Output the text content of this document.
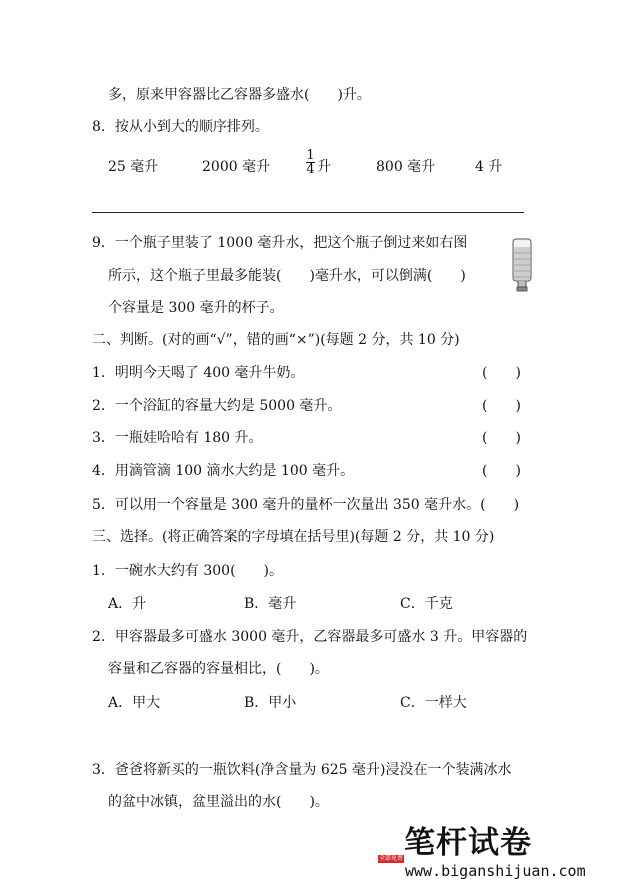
多，原来甲容器比乙容器多盛水(　　)升。
8．按从小到大的顺序排列。
25 毫升	2000 毫升
1
4 升	800 毫升	4 升
9．一个瓶子里装了 1000 毫升水，把这个瓶子倒过来如右图
所示，这个瓶子里最多能装(　　)毫升水，可以倒满(　　)
个容量是 300 毫升的杯子。
二、判断。(对的画“√”，错的画“×”)(每题 2 分，共 10 分)
1．明明今天喝了 400 毫升牛奶。	(　　)
2．一个浴缸的容量大约是 5000 毫升。	(　　)
3．一瓶娃哈哈有 180 升。	(　　)
4．用滴管滴 100 滴水大约是 100 毫升。	(　　)
5．可以用一个容量是 300 毫升的量杯一次量出 350 毫升水。(　　)
三、选择。(将正确答案的字母填在括号里)(每题 2 分，共 10 分)
1．一碗水大约有 300(　　)。
A．升	B．毫升	C．千克
2．甲容器最多可盛水 3000 毫升，乙容器最多可盛水 3 升。甲容器的
容量和乙容器的容量相比，(　　)。
A．甲大	B．甲小	C．一样大
3．爸爸将新买的一瓶饮料(净含量为 625 毫升)浸没在一个装满冰水
的盆中冰镇，盆里溢出的水(　　)。
全部免费 笔杆试卷
www.biganshijuan.com
